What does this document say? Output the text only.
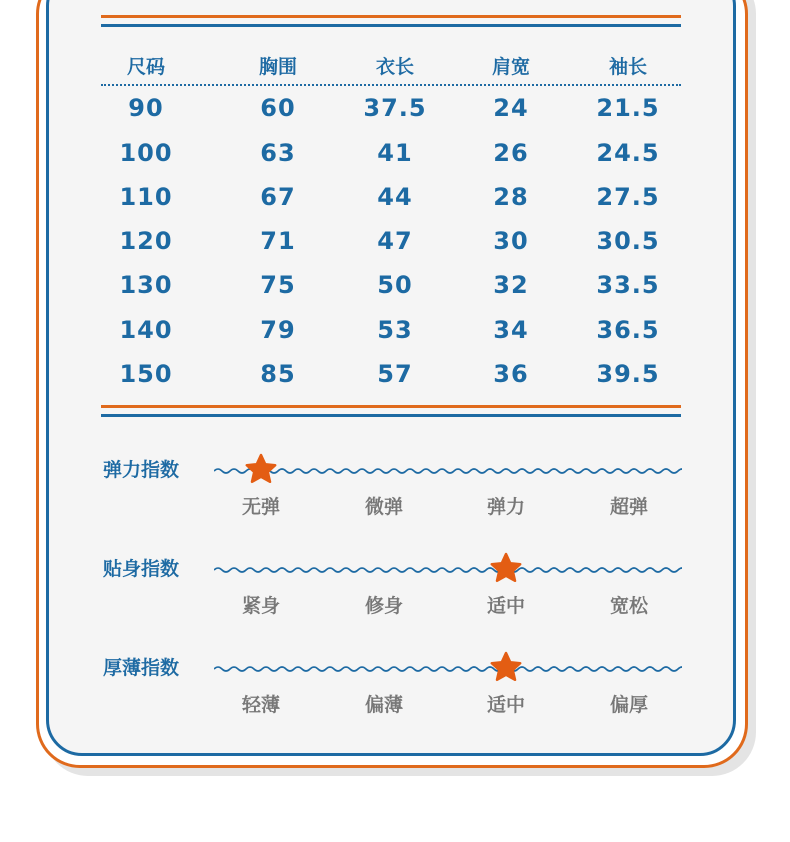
尺码	胸围	衣长	肩宽	袖长
90	60	37.5	24	21.5
100	63	41	26	24.5
110	67	44	28	27.5
120	71	47	30	30.5
130	75	50	32	33.5
140	79	53	34	36.5
150	85	57	36	39.5
弹力指数
无弹	微弹	弹力	超弹
贴身指数
紧身	修身	适中	宽松
厚薄指数
轻薄	偏薄	适中	偏厚
